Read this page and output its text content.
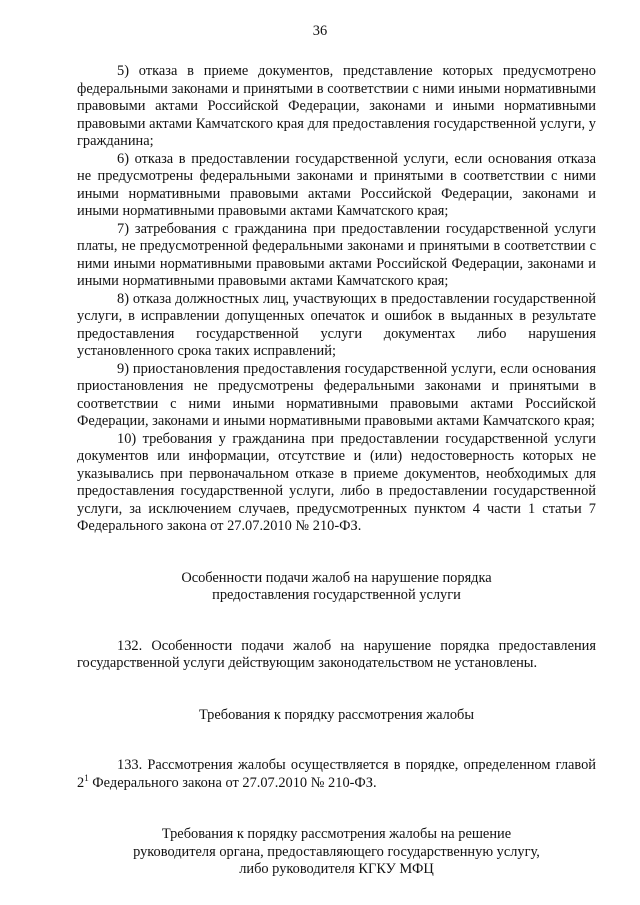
36

5) отказа в приеме документов, представление которых предусмотрено федеральными законами и принятыми в соответствии с ними иными нормативными правовыми актами Российской Федерации, законами и иными нормативными правовыми актами Камчатского края для предоставления государственной услуги, у гражданина;

6) отказа в предоставлении государственной услуги, если основания отказа не предусмотрены федеральными законами и принятыми в соответствии с ними иными нормативными правовыми актами Российской Федерации, законами и иными нормативными правовыми актами Камчатского края;

7) затребования с гражданина при предоставлении государственной услуги платы, не предусмотренной федеральными законами и принятыми в соответствии с ними иными нормативными правовыми актами Российской Федерации, законами и иными нормативными правовыми актами Камчатского края;

8) отказа должностных лиц, участвующих в предоставлении государственной услуги, в исправлении допущенных опечаток и ошибок в выданных в результате предоставления государственной услуги документах либо нарушения установленного срока таких исправлений;

9) приостановления предоставления государственной услуги, если основания приостановления не предусмотрены федеральными законами и принятыми в соответствии с ними иными нормативными правовыми актами Российской Федерации, законами и иными нормативными правовыми актами Камчатского края;

10) требования у гражданина при предоставлении государственной услуги документов или информации, отсутствие и (или) недостоверность которых не указывались при первоначальном отказе в приеме документов, необходимых для предоставления государственной услуги, либо в предоставлении государственной услуги, за исключением случаев, предусмотренных пунктом 4 части 1 статьи 7 Федерального закона от 27.07.2010 № 210-ФЗ.

Особенности подачи жалоб на нарушение порядка
предоставления государственной услуги

132. Особенности подачи жалоб на нарушение порядка предоставления государственной услуги действующим законодательством не установлены.

Требования к порядку рассмотрения жалобы

133. Рассмотрения жалобы осуществляется в порядке, определенном главой $2^1$ Федерального закона от 27.07.2010 № 210-ФЗ.

Требования к порядку рассмотрения жалобы на решение
руководителя органа, предоставляющего государственную услугу,
либо руководителя КГКУ МФЦ
